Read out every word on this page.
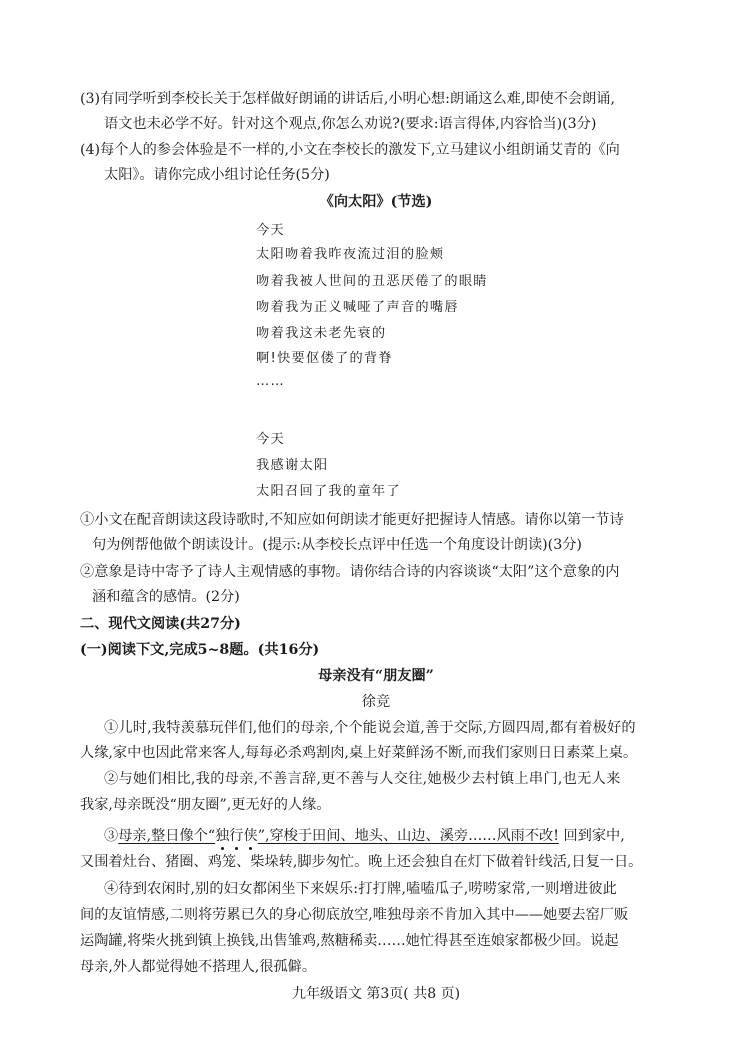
(3)有同学听到李校长关于怎样做好朗诵的讲话后,小明心想:朗诵这么难,即使不会朗诵,
语文也未必学不好。针对这个观点,你怎么劝说?(要求:语言得体,内容恰当)(3分)
(4)每个人的参会体验是不一样的,小文在李校长的激发下,立马建议小组朗诵艾青的《向
太阳》。请你完成小组讨论任务(5分)
《向太阳》(节选)
今天
太阳吻着我昨夜流过泪的脸颊
吻着我被人世间的丑恶厌倦了的眼睛
吻着我为正义喊哑了声音的嘴唇
吻着我这未老先衰的
啊!快要伛偻了的背脊
……
今天
我感谢太阳
太阳召回了我的童年了
①小文在配音朗读这段诗歌时,不知应如何朗读才能更好把握诗人情感。请你以第一节诗
句为例帮他做个朗读设计。(提示:从李校长点评中任选一个角度设计朗读)(3分)
②意象是诗中寄予了诗人主观情感的事物。请你结合诗的内容谈谈“太阳”这个意象的内
涵和蕴含的感情。(2分)
二、现代文阅读(共27分)
(一)阅读下文,完成5~8题。(共16分)
母亲没有“朋友圈”
徐竞
①儿时,我特羡慕玩伴们,他们的母亲,个个能说会道,善于交际,方圆四周,都有着极好的
人缘,家中也因此常来客人,每每必杀鸡割肉,桌上好菜鲜汤不断,而我们家则日日素菜上桌。
②与她们相比,我的母亲,不善言辞,更不善与人交往,她极少去村镇上串门,也无人来
我家,母亲既没“朋友圈”,更无好的人缘。
③母亲,整日像个“独行侠”,穿梭于田间、地头、山边、溪旁……风雨不改! 回到家中,
又围着灶台、猪圈、鸡笼、柴垛转,脚步匆忙。晚上还会独自在灯下做着针线活,日复一日。
④待到农闲时,别的妇女都闲坐下来娱乐:打打牌,嗑嗑瓜子,唠唠家常,一则增进彼此
间的友谊情感,二则将劳累已久的身心彻底放空,唯独母亲不肯加入其中——她要去窑厂贩
运陶罐,将柴火挑到镇上换钱,出售雏鸡,熬糖稀卖……她忙得甚至连娘家都极少回。说起
母亲,外人都觉得她不搭理人,很孤僻。
九年级语文 第3页( 共8 页)
